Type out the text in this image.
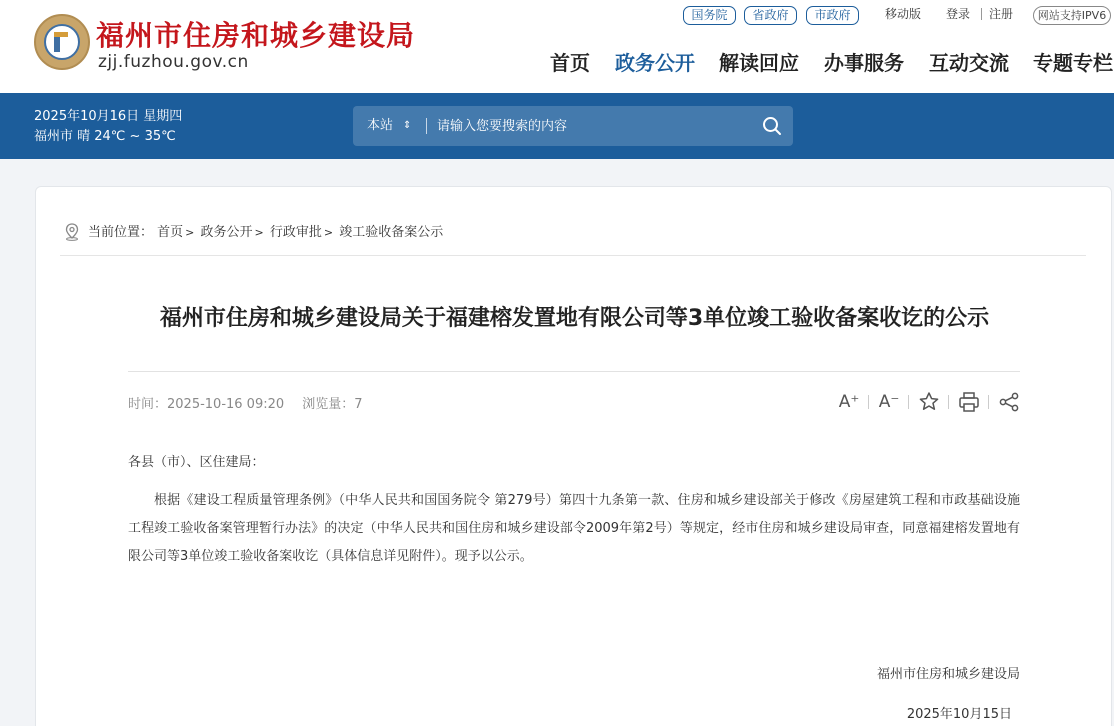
福州市住房和城乡建设局
zjj.fuzhou.gov.cn
国务院	省政府	市政府	移动版 登录 注册	网站支持IPV6
首页 政务公开 解读回应 办事服务 互动交流 专题专栏
2025年10月16日 星期四
福州市 晴 24℃ ~ 35℃
本站 ⇕
请输入您要搜索的内容
当前位置： 首页 > 政务公开 > 行政审批 > 竣工验收备案公示
福州市住房和城乡建设局关于福建榕发置地有限公司等3单位竣工验收备案收讫的公示
时间：2025-10-16 09:20 浏览量：7	A⁺ A⁻
各县（市）、区住建局：
根据《建设工程质量管理条例》（中华人民共和国国务院令 第279号）第四十九条第一款、住房和城乡建设部关于修改《房屋建筑工程和市政基础设施工程竣工验收备案管理暂行办法》的决定（中华人民共和国住房和城乡建设部令2009年第2号）等规定，经市住房和城乡建设局审查，同意福建榕发置地有限公司等3单位竣工验收备案收讫（具体信息详见附件）。现予以公示。
福州市住房和城乡建设局
2025年10月15日
